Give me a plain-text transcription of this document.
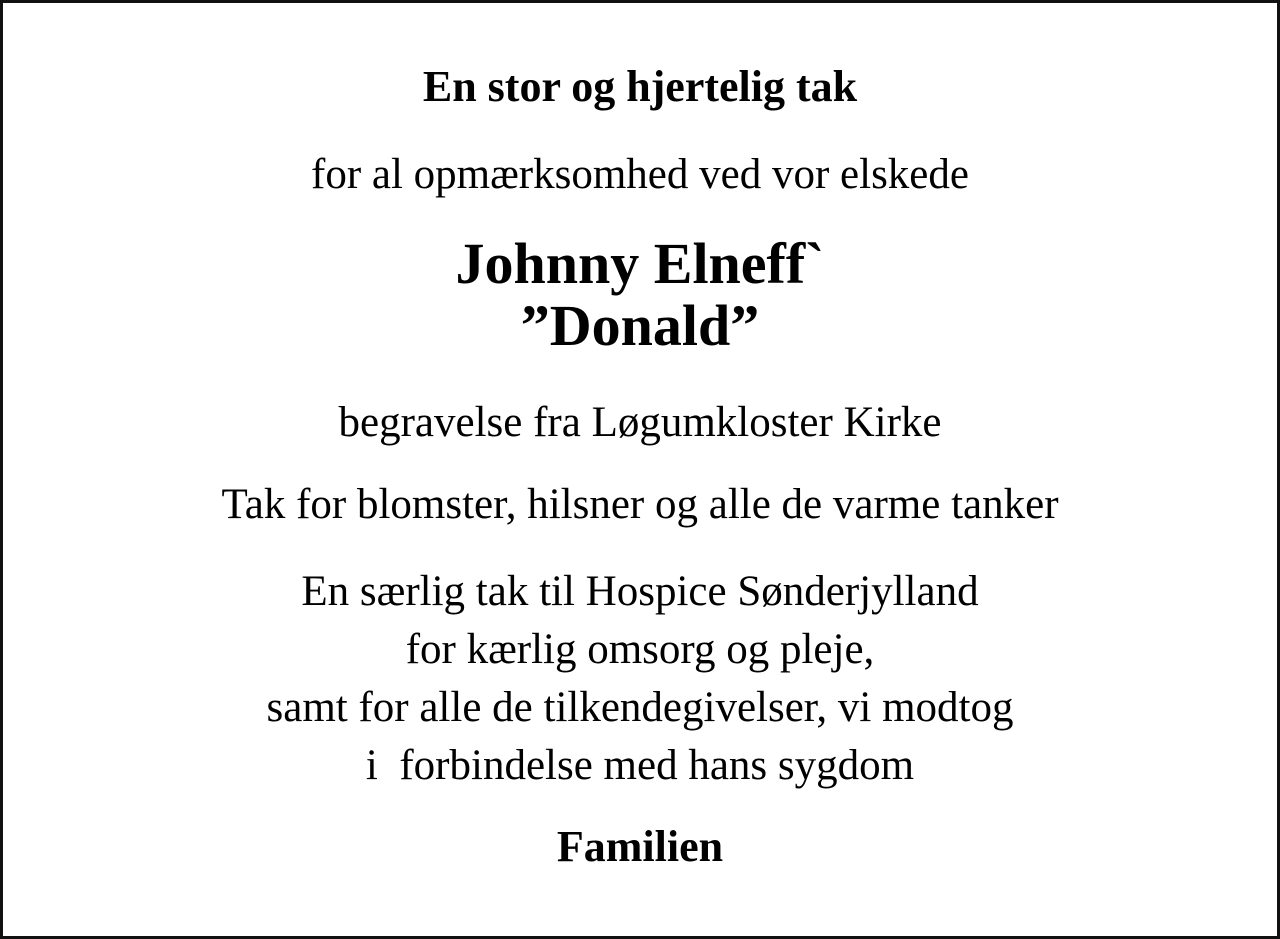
En stor og hjertelig tak
for al opmærksomhed ved vor elskede
Johnny Elneff`
”Donald”
begravelse fra Løgumkloster Kirke
Tak for blomster, hilsner og alle de varme tanker
En særlig tak til Hospice Sønderjylland
for kærlig omsorg og pleje,
samt for alle de tilkendegivelser, vi modtog
i  forbindelse med hans sygdom
Familien
